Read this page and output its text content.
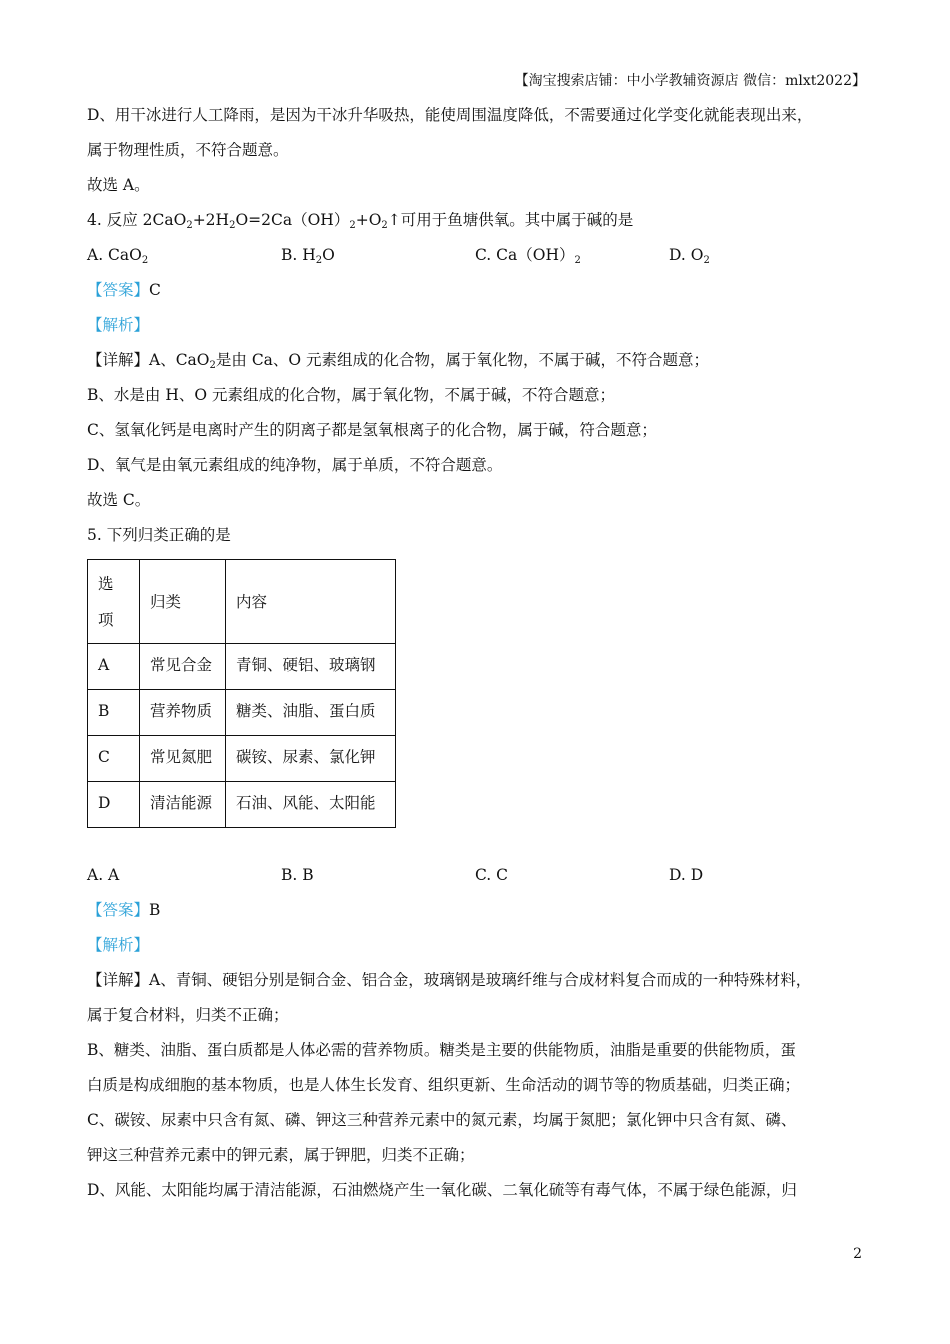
【淘宝搜索店铺：中小学教辅资源店 微信：mlxt2022】
D、用干冰进行人工降雨，是因为干冰升华吸热，能使周围温度降低，不需要通过化学变化就能表现出来，
属于物理性质，不符合题意。
故选 A。
4. 反应 $2CaO_2+2H_2O=2Ca(OH)_2+O_2↑$可用于鱼塘供氧。其中属于碱的是
A. CaO$_2$	B. $H_2O$	C. $Ca(OH)_2$	D. $O_2$
【答案】C
【解析】
【详解】A、CaO$_2$是由 Ca、O 元素组成的化合物，属于氧化物，不属于碱，不符合题意；
B、水是由 H、O 元素组成的化合物，属于氧化物，不属于碱，不符合题意；
C、氢氧化钙是电离时产生的阴离子都是氢氧根离子的化合物，属于碱，符合题意；
D、氧气是由氧元素组成的纯净物，属于单质，不符合题意。
故选 C。
5. 下列归类正确的是
选项	归类	内容
A	常见合金	青铜、硬铝、玻璃钢
B	营养物质	糖类、油脂、蛋白质
C	常见氮肥	碳铵、尿素、氯化钾
D	清洁能源	石油、风能、太阳能
A. A	B. B	C. C	D. D
【答案】B
【解析】
【详解】A、青铜、硬铝分别是铜合金、铝合金，玻璃钢是玻璃纤维与合成材料复合而成的一种特殊材料，
属于复合材料，归类不正确；
B、糖类、油脂、蛋白质都是人体必需的营养物质。糖类是主要的供能物质，油脂是重要的供能物质，蛋
白质是构成细胞的基本物质，也是人体生长发育、组织更新、生命活动的调节等的物质基础，归类正确；
C、碳铵、尿素中只含有氮、磷、钾这三种营养元素中的氮元素，均属于氮肥；氯化钾中只含有氮、磷、
钾这三种营养元素中的钾元素，属于钾肥，归类不正确；
D、风能、太阳能均属于清洁能源，石油燃烧产生一氧化碳、二氧化硫等有毒气体，不属于绿色能源，归
2
